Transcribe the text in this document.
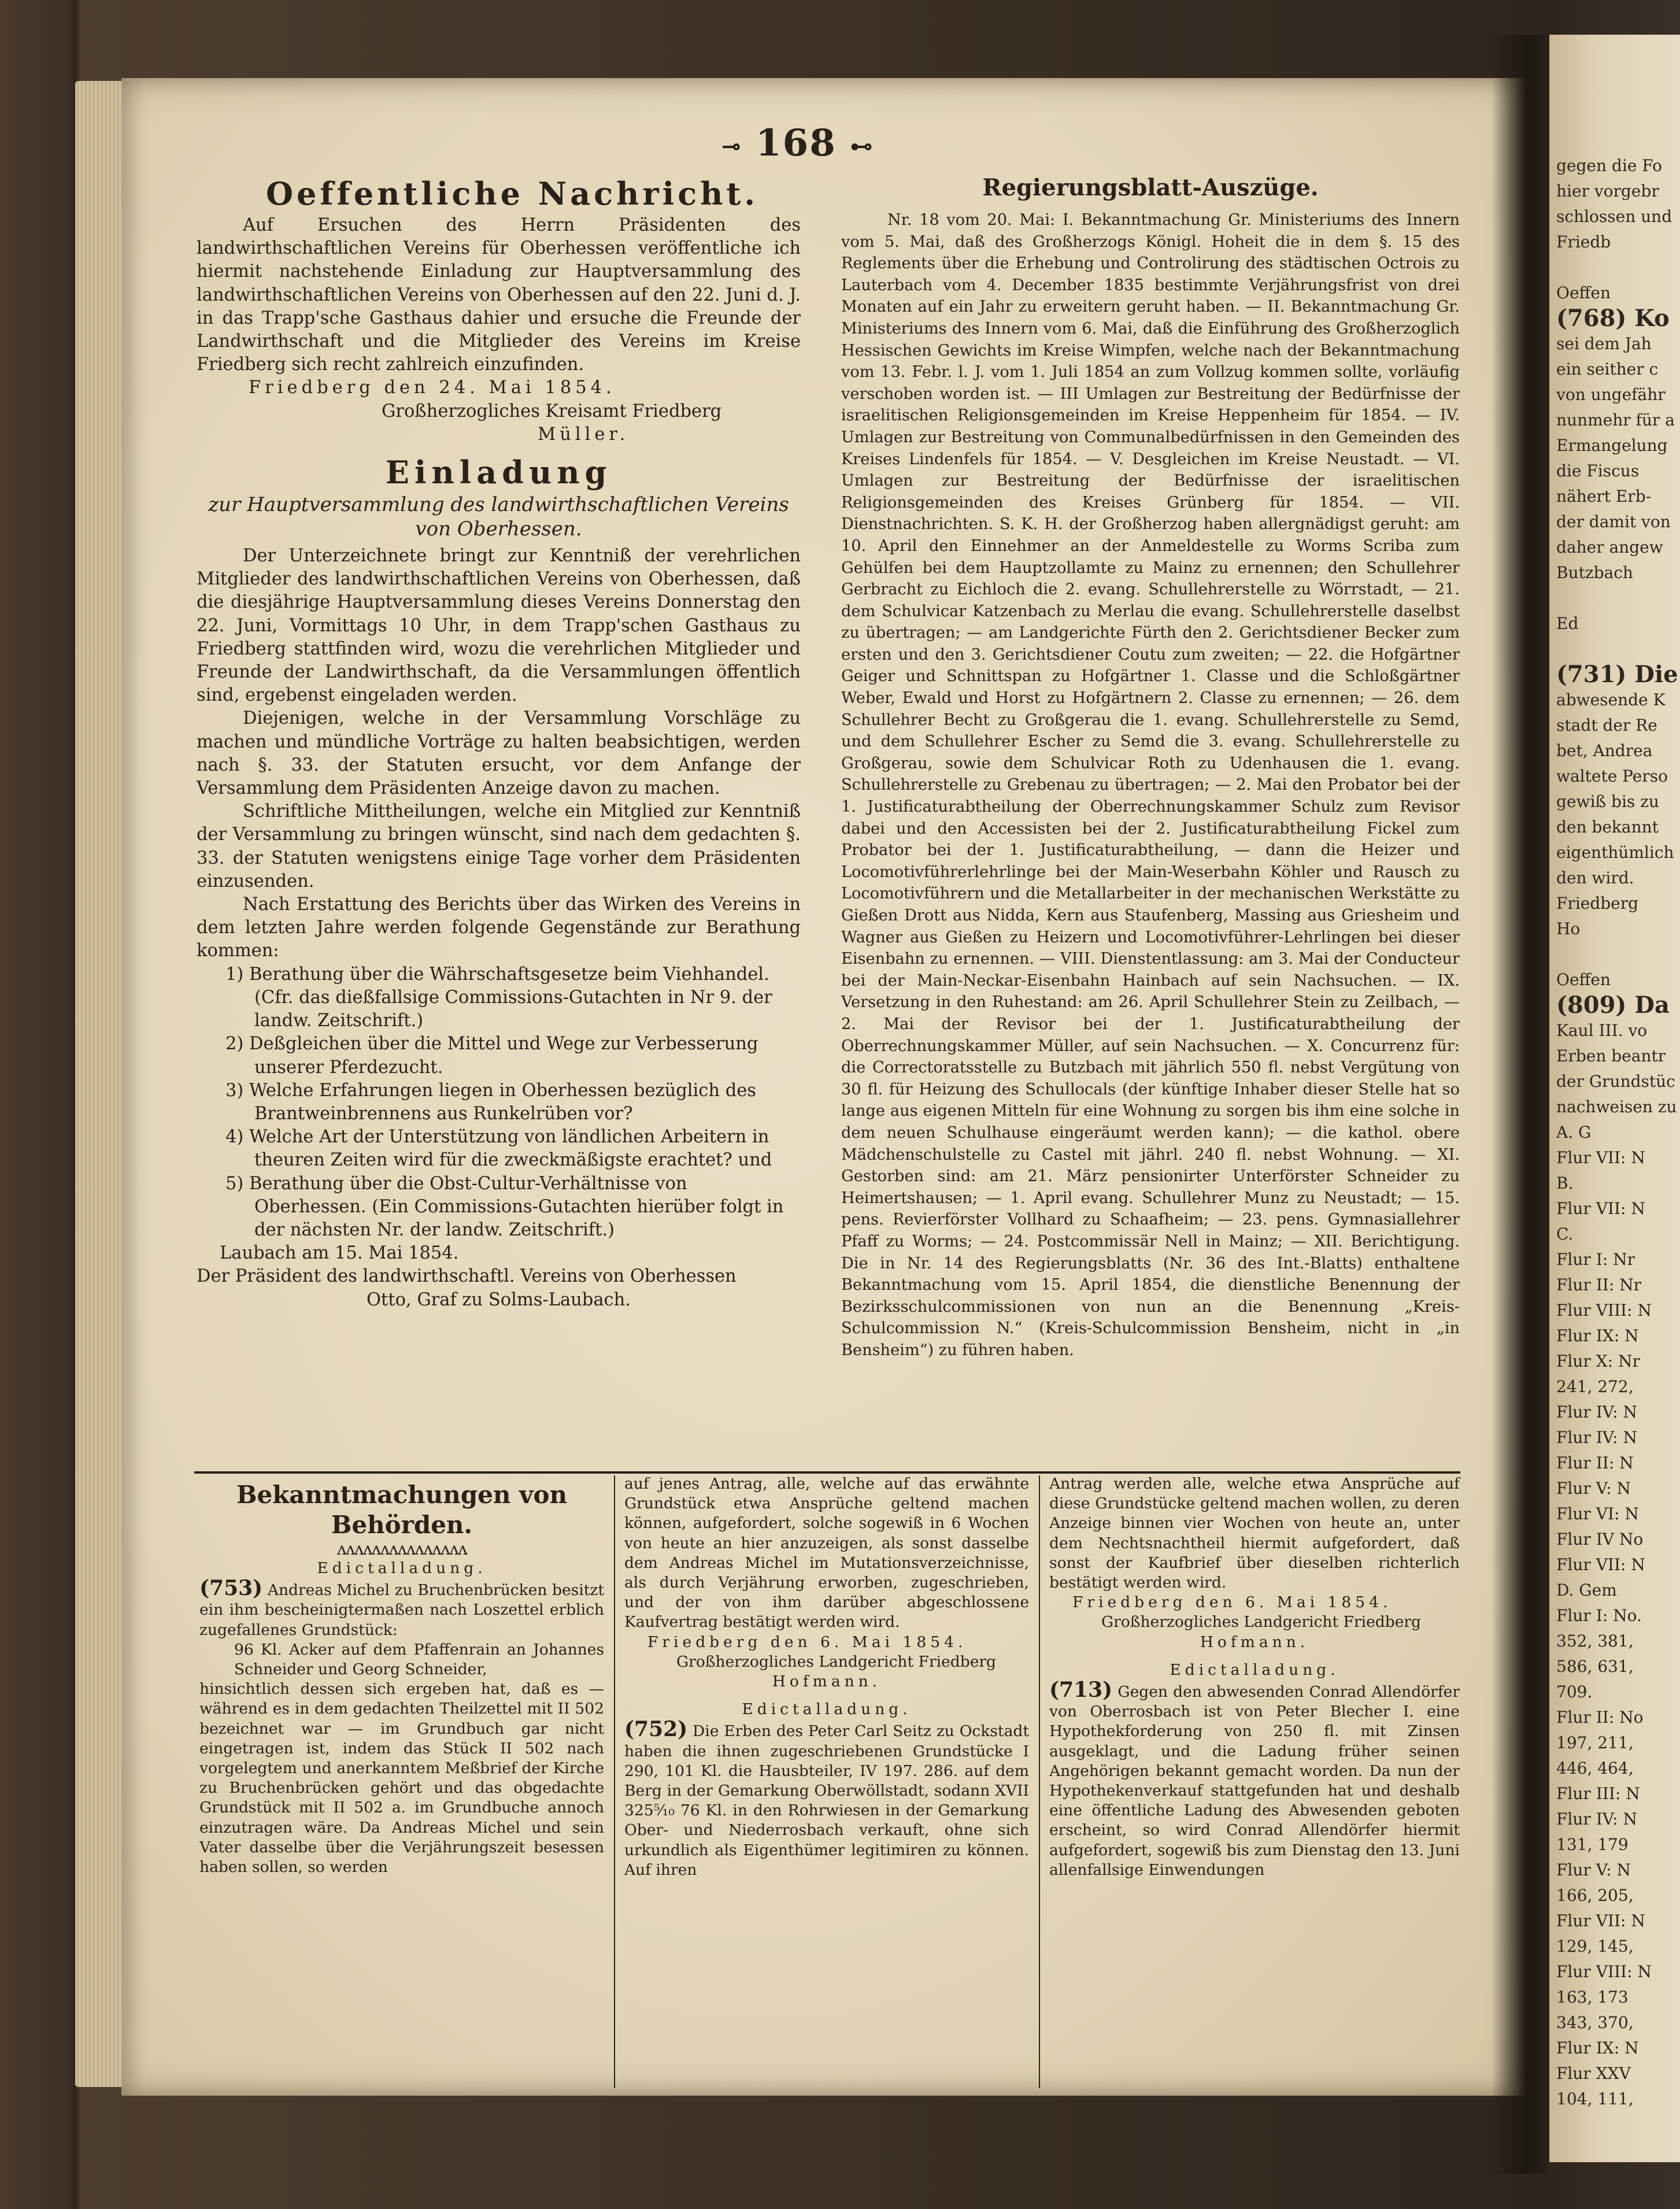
gegen die Fo
hier vorgebr
schlossen und
Friedb
Oeffen
(768) Ko
sei dem Jah
ein seither c
von ungefähr
nunmehr für a
Ermangelung
die Fiscus
nähert Erb-
der damit von
daher angew
Butzbach
Ed
(731) Die
abwesende K
stadt der Re
bet, Andrea
waltete Perso
gewiß bis zu
den bekannt
eigenthümlich
den wird.
Friedberg
Ho
Oeffen
(809) Da
Kaul III. vo
Erben beantr
der Grundstüc
nachweisen zu
A. G
Flur VII: N
B.
Flur VII: N
C.
Flur I: Nr
Flur II: Nr
Flur VIII: N
Flur IX: N
Flur X: Nr
241, 272,
Flur IV: N
Flur IV: N
Flur II: N
Flur V: N
Flur VI: N
Flur IV No
Flur VII: N
D. Gem
Flur I: No.
352, 381,
586, 631,
709.
Flur II: No
197, 211,
446, 464,
Flur III: N
Flur IV: N
131, 179
Flur V: N
166, 205,
Flur VII: N
129, 145,
Flur VIII: N
163, 173
343, 370,
Flur IX: N
Flur XXV
104, 111,
⊸ 168 ⊷

Oeffentliche Nachricht.

Auf Ersuchen des Herrn Präsidenten des landwirthschaftlichen Vereins für Oberhessen veröffentliche ich hiermit nachstehende Einladung zur Hauptversammlung des landwirthschaftlichen Vereins von Oberhessen auf den 22. Juni d. J. in das Trapp'sche Gasthaus dahier und ersuche die Freunde der Landwirthschaft und die Mitglieder des Vereins im Kreise Friedberg sich recht zahlreich einzufinden.

Friedberg den 24. Mai 1854.

Großherzogliches Kreisamt Friedberg

Müller.

Einladung

zur Hauptversammlung des landwirthschaftlichen Vereins

von Oberhessen.

Der Unterzeichnete bringt zur Kenntniß der verehrlichen Mitglieder des landwirthschaftlichen Vereins von Oberhessen, daß die diesjährige Hauptversammlung dieses Vereins Donnerstag den 22. Juni, Vormittags 10 Uhr, in dem Trapp'schen Gasthaus zu Friedberg stattfinden wird, wozu die verehrlichen Mitglieder und Freunde der Landwirthschaft, da die Versammlungen öffentlich sind, ergebenst eingeladen werden.

Diejenigen, welche in der Versammlung Vorschläge zu machen und mündliche Vorträge zu halten beabsichtigen, werden nach §. 33. der Statuten ersucht, vor dem Anfange der Versammlung dem Präsidenten Anzeige davon zu machen.

Schriftliche Mittheilungen, welche ein Mitglied zur Kenntniß der Versammlung zu bringen wünscht, sind nach dem gedachten §. 33. der Statuten wenigstens einige Tage vorher dem Präsidenten einzusenden.

Nach Erstattung des Berichts über das Wirken des Vereins in dem letzten Jahre werden folgende Gegenstände zur Berathung kommen:

1) Berathung über die Währschaftsgesetze beim Viehhandel. (Cfr. das dießfallsige Commissions-Gutachten in Nr 9. der landw. Zeitschrift.)

2) Deßgleichen über die Mittel und Wege zur Verbesserung unserer Pferdezucht.

3) Welche Erfahrungen liegen in Oberhessen bezüglich des Brantweinbrennens aus Runkelrüben vor?

4) Welche Art der Unterstützung von ländlichen Arbeitern in theuren Zeiten wird für die zweckmäßigste erachtet? und

5) Berathung über die Obst-Cultur-Verhältnisse von Oberhessen. (Ein Commissions-Gutachten hierüber folgt in der nächsten Nr. der landw. Zeitschrift.)

Laubach am 15. Mai 1854.

Der Präsident des landwirthschaftl. Vereins von Oberhessen

Otto, Graf zu Solms-Laubach.

Regierungsblatt-Auszüge.

Nr. 18 vom 20. Mai: I. Bekanntmachung Gr. Ministeriums des Innern vom 5. Mai, daß des Großherzogs Königl. Hoheit die in dem §. 15 des Reglements über die Erhebung und Controlirung des städtischen Octrois zu Lauterbach vom 4. December 1835 bestimmte Verjährungsfrist von drei Monaten auf ein Jahr zu erweitern geruht haben. — II. Bekanntmachung Gr. Ministeriums des Innern vom 6. Mai, daß die Einführung des Großherzoglich Hessischen Gewichts im Kreise Wimpfen, welche nach der Bekanntmachung vom 13. Febr. l. J. vom 1. Juli 1854 an zum Vollzug kommen sollte, vorläufig verschoben worden ist. — III Umlagen zur Bestreitung der Bedürfnisse der israelitischen Religionsgemeinden im Kreise Heppenheim für 1854. — IV. Umlagen zur Bestreitung von Communalbedürfnissen in den Gemeinden des Kreises Lindenfels für 1854. — V. Desgleichen im Kreise Neustadt. — VI. Umlagen zur Bestreitung der Bedürfnisse der israelitischen Religionsgemeinden des Kreises Grünberg für 1854. — VII. Dienstnachrichten. S. K. H. der Großherzog haben allergnädigst geruht: am 10. April den Einnehmer an der Anmeldestelle zu Worms Scriba zum Gehülfen bei dem Hauptzollamte zu Mainz zu ernennen; den Schullehrer Gerbracht zu Eichloch die 2. evang. Schullehrerstelle zu Wörrstadt, — 21. dem Schulvicar Katzenbach zu Merlau die evang. Schullehrerstelle daselbst zu übertragen; — am Landgerichte Fürth den 2. Gerichtsdiener Becker zum ersten und den 3. Gerichtsdiener Coutu zum zweiten; — 22. die Hofgärtner Geiger und Schnittspan zu Hofgärtner 1. Classe und die Schloßgärtner Weber, Ewald und Horst zu Hofgärtnern 2. Classe zu ernennen; — 26. dem Schullehrer Becht zu Großgerau die 1. evang. Schullehrerstelle zu Semd, und dem Schullehrer Escher zu Semd die 3. evang. Schullehrerstelle zu Großgerau, sowie dem Schulvicar Roth zu Udenhausen die 1. evang. Schullehrerstelle zu Grebenau zu übertragen; — 2. Mai den Probator bei der 1. Justificaturabtheilung der Oberrechnungskammer Schulz zum Revisor dabei und den Accessisten bei der 2. Justificaturabtheilung Fickel zum Probator bei der 1. Justificaturabtheilung, — dann die Heizer und Locomotivführerlehrlinge bei der Main-Weserbahn Köhler und Rausch zu Locomotivführern und die Metallarbeiter in der mechanischen Werkstätte zu Gießen Drott aus Nidda, Kern aus Staufenberg, Massing aus Griesheim und Wagner aus Gießen zu Heizern und Locomotivführer-Lehrlingen bei dieser Eisenbahn zu ernennen. — VIII. Dienstentlassung: am 3. Mai der Conducteur bei der Main-Neckar-Eisenbahn Hainbach auf sein Nachsuchen. — IX. Versetzung in den Ruhestand: am 26. April Schullehrer Stein zu Zeilbach, — 2. Mai der Revisor bei der 1. Justificaturabtheilung der Oberrechnungskammer Müller, auf sein Nachsuchen. — X. Concurrenz für: die Correctoratsstelle zu Butzbach mit jährlich 550 fl. nebst Vergütung von 30 fl. für Heizung des Schullocals (der künftige Inhaber dieser Stelle hat so lange aus eigenen Mitteln für eine Wohnung zu sorgen bis ihm eine solche in dem neuen Schulhause eingeräumt werden kann); — die kathol. obere Mädchenschulstelle zu Castel mit jährl. 240 fl. nebst Wohnung. — XI. Gestorben sind: am 21. März pensionirter Unterförster Schneider zu Heimertshausen; — 1. April evang. Schullehrer Munz zu Neustadt; — 15. pens. Revierförster Vollhard zu Schaafheim; — 23. pens. Gymnasiallehrer Pfaff zu Worms; — 24. Postcommissär Nell in Mainz; — XII. Berichtigung. Die in Nr. 14 des Regierungsblatts (Nr. 36 des Int.-Blatts) enthaltene Bekanntmachung vom 15. April 1854, die dienstliche Benennung der Bezirksschulcommissionen von nun an die Benennung „Kreis-Schulcommission N.“ (Kreis-Schulcommission Bensheim, nicht in „in Bensheim“) zu führen haben.

Bekanntmachungen von Behörden.

ʌʌʌʌʌʌʌʌʌʌʌʌʌʌʌ

Edictalladung.

(753) Andreas Michel zu Bruchenbrücken besitzt ein ihm bescheinigtermaßen nach Loszettel erblich zugefallenes Grundstück:

96 Kl. Acker auf dem Pfaffenrain an Johannes Schneider und Georg Schneider,

hinsichtlich dessen sich ergeben hat, daß es — während es in dem gedachten Theilzettel mit II 502 bezeichnet war — im Grundbuch gar nicht eingetragen ist, indem das Stück II 502 nach vorgelegtem und anerkanntem Meßbrief der Kirche zu Bruchenbrücken gehört und das obgedachte Grundstück mit II 502 a. im Grundbuche annoch einzutragen wäre. Da Andreas Michel und sein Vater dasselbe über die Verjährungszeit besessen haben sollen, so werden

auf jenes Antrag, alle, welche auf das erwähnte Grundstück etwa Ansprüche geltend machen können, aufgefordert, solche sogewiß in 6 Wochen von heute an hier anzuzeigen, als sonst dasselbe dem Andreas Michel im Mutationsverzeichnisse, als durch Verjährung erworben, zugeschrieben, und der von ihm darüber abgeschlossene Kaufvertrag bestätigt werden wird.

Friedberg den 6. Mai 1854.

Großherzogliches Landgericht Friedberg

Hofmann.

Edictalladung.

(752) Die Erben des Peter Carl Seitz zu Ockstadt haben die ihnen zugeschriebenen Grundstücke I 290, 101 Kl. die Hausbteiler, IV 197. 286. auf dem Berg in der Gemarkung Oberwöllstadt, sodann XVII 325⁵⁄₁₀ 76 Kl. in den Rohrwiesen in der Gemarkung Ober- und Niederrosbach verkauft, ohne sich urkundlich als Eigenthümer legitimiren zu können. Auf ihren

Antrag werden alle, welche etwa Ansprüche auf diese Grundstücke geltend machen wollen, zu deren Anzeige binnen vier Wochen von heute an, unter dem Nechtsnachtheil hiermit aufgefordert, daß sonst der Kaufbrief über dieselben richterlich bestätigt werden wird.

Friedberg den 6. Mai 1854.

Großherzogliches Landgericht Friedberg

Hofmann.

Edictalladung.

(713) Gegen den abwesenden Conrad Allendörfer von Oberrosbach ist von Peter Blecher I. eine Hypothekforderung von 250 fl. mit Zinsen ausgeklagt, und die Ladung früher seinen Angehörigen bekannt gemacht worden. Da nun der Hypothekenverkauf stattgefunden hat und deshalb eine öffentliche Ladung des Abwesenden geboten erscheint, so wird Conrad Allendörfer hiermit aufgefordert, sogewiß bis zum Dienstag den 13. Juni allenfallsige Einwendungen
